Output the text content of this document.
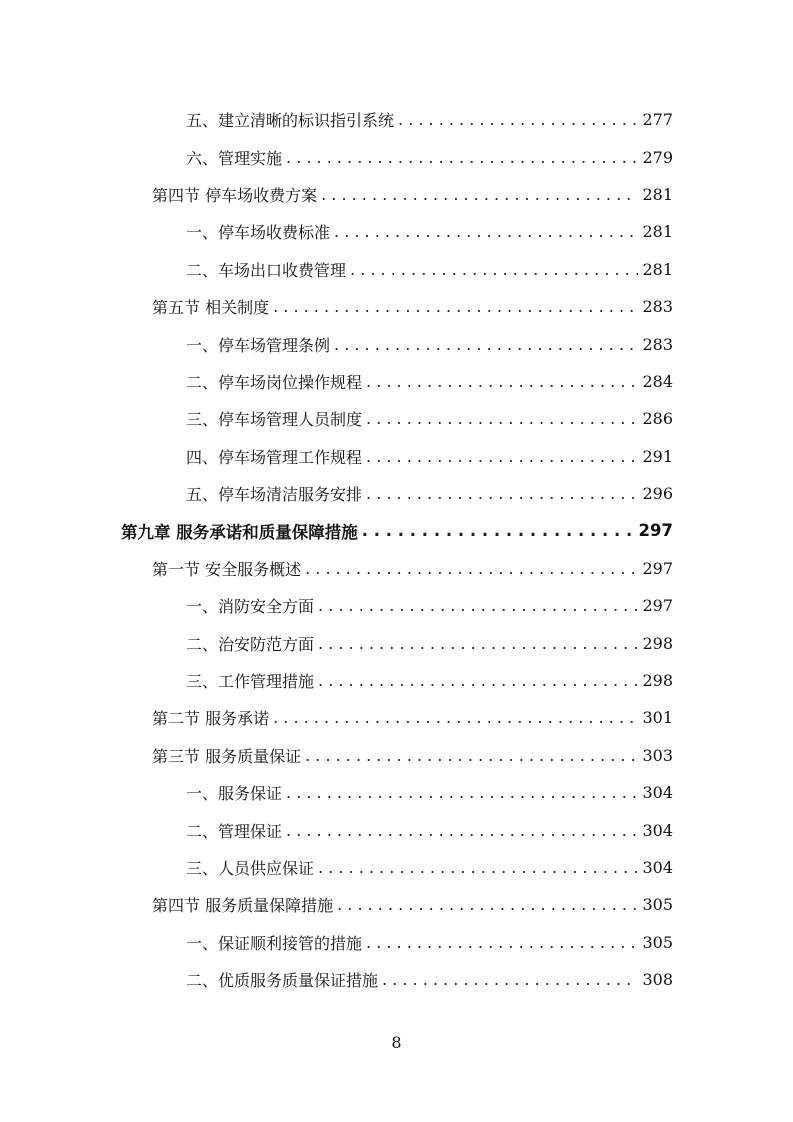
五、建立清晰的标识指引系统 . . .	277
六、管理实施 . . .	279
第四节 停车场收费方案 . . .	281
一、停车场收费标准 . . .	281
二、车场出口收费管理 . . .	281
第五节 相关制度 . . .	283
一、停车场管理条例 . . .	283
二、停车场岗位操作规程 . . .	284
三、停车场管理人员制度 . . .	286
四、停车场管理工作规程 . . .	291
五、停车场清洁服务安排 . . .	296
第九章 服务承诺和质量保障措施 . . .	297
第一节 安全服务概述 . . .	297
一、消防安全方面 . . .	297
二、治安防范方面 . . .	298
三、工作管理措施 . . .	298
第二节 服务承诺 . . .	301
第三节 服务质量保证 . . .	303
一、服务保证 . . .	304
二、管理保证 . . .	304
三、人员供应保证 . . .	304
第四节 服务质量保障措施 . . .	305
一、保证顺利接管的措施 . . .	305
二、优质服务质量保证措施 . . .	308
8
